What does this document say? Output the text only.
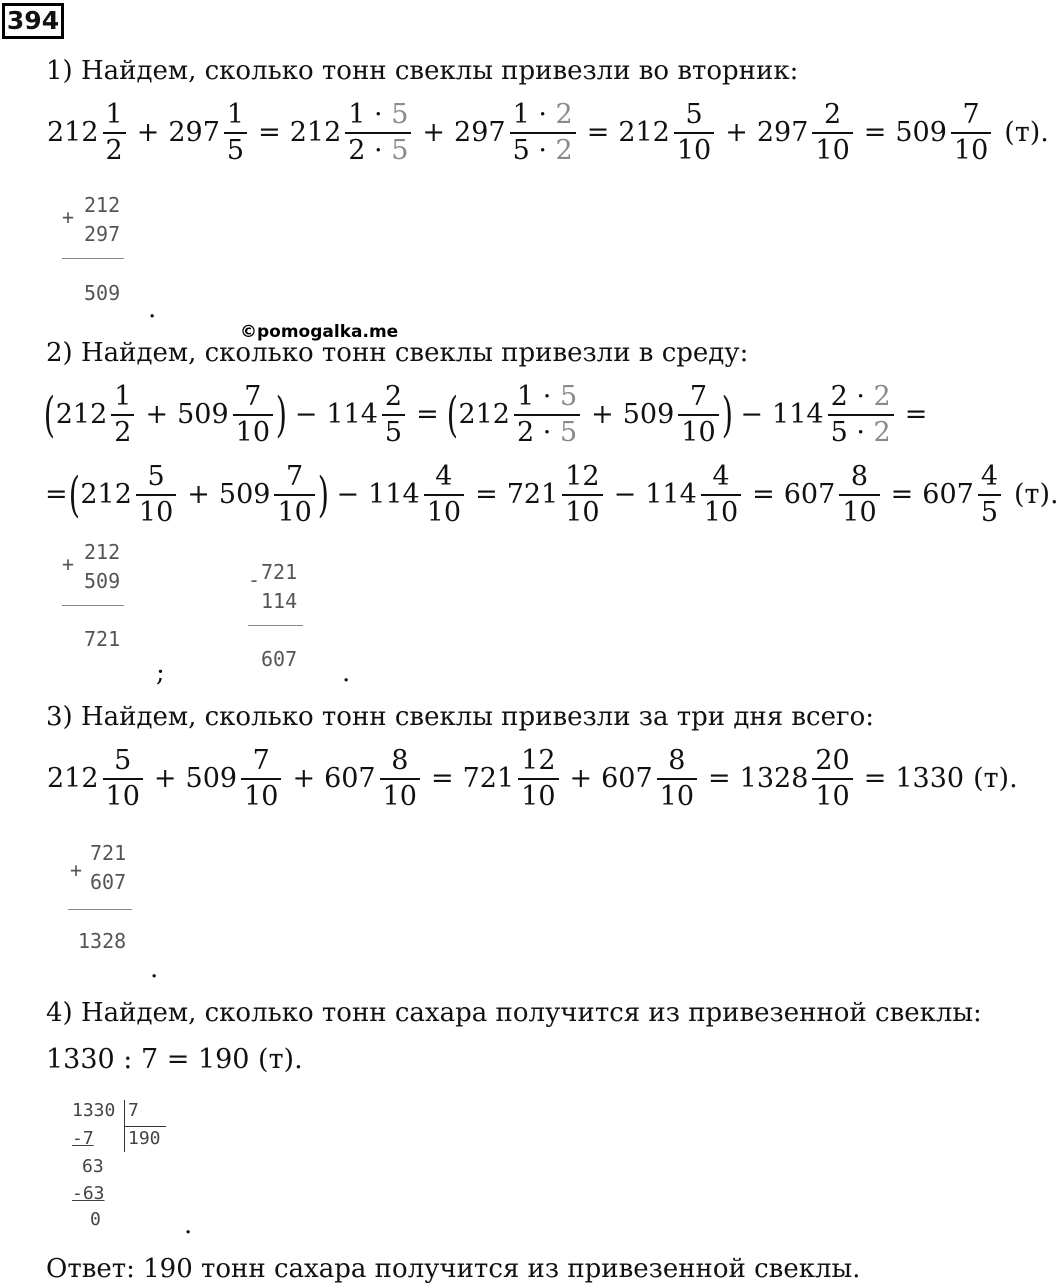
394
1) Найдем, сколько тонн свеклы привезли во вторник:
$212 \frac{1}{2} + 297 \frac{1}{5} = 212 \frac{1 \cdot 5}{2 \cdot 5} + 297 \frac{1 \cdot 2}{5 \cdot 2} = 212 \frac{5}{10} + 297 \frac{2}{10} = 509 \frac{7}{10} (т)$.
+ 212
297
509
.
©pomogalka.me
2) Найдем, сколько тонн свеклы привезли в среду:
( $212 \frac{1}{2} + 509 \frac{7}{10}$ ) − $114 \frac{2}{5}$ = ( $212 \frac{1 \cdot 5}{2 \cdot 5} + 509 \frac{7}{10}$ ) − $114 \frac{2 \cdot 2}{5 \cdot 2}$ =
= ( $212 \frac{5}{10} + 509 \frac{7}{10}$ ) − $114 \frac{4}{10} = 721 \frac{12}{10} - 114 \frac{4}{10} = 607 \frac{8}{10} = 607 \frac{4}{5} (т)$.
+ 212
509
721
;
- 721
114
607 .
3) Найдем, сколько тонн свеклы привезли за три дня всего:
$212 \frac{5}{10} + 509 \frac{7}{10} + 607 \frac{8}{10} = 721 \frac{12}{10} + 607 \frac{8}{10} = 1328 \frac{20}{10} = 1330$ (т).
+
721
607
1328
.
4) Найдем, сколько тонн сахара получится из привезенной свеклы:
1330 : 7 = 190 (т).
1330 7
190
-7
63
-63
0	.
Ответ: 190 тонн сахара получится из привезенной свеклы.
